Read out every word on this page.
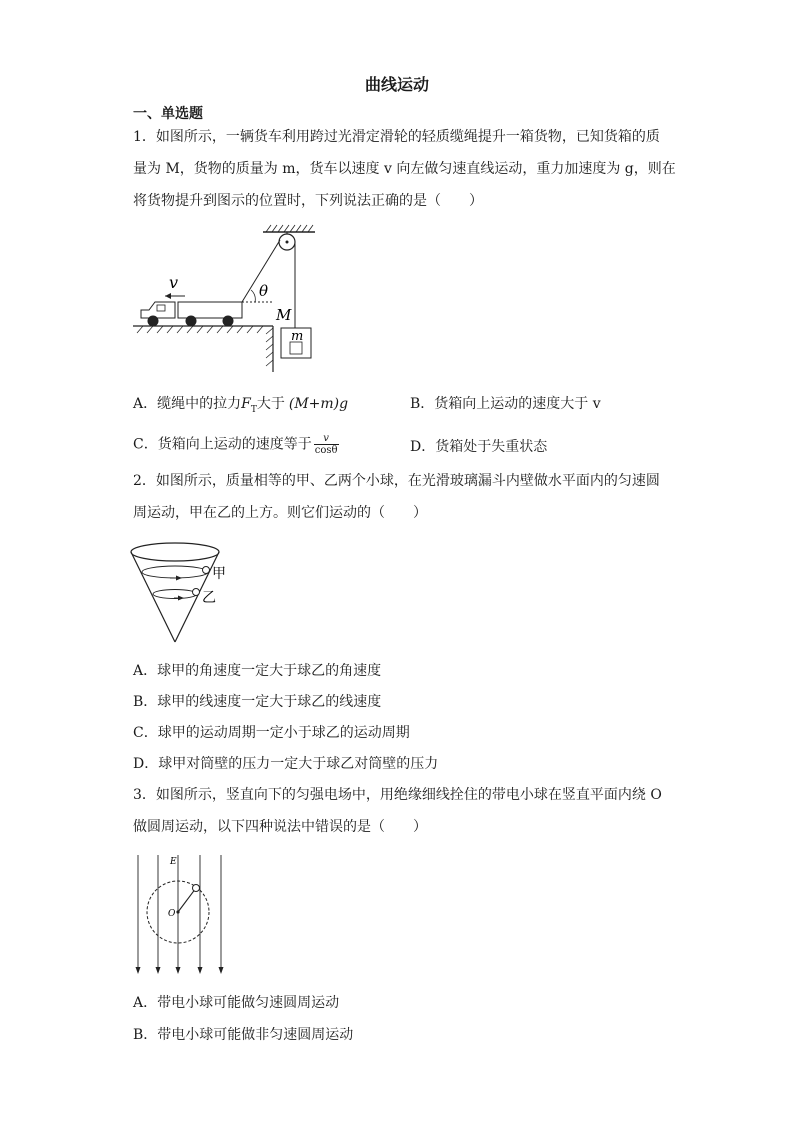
曲线运动
一、单选题
1．如图所示，一辆货车利用跨过光滑定滑轮的轻质缆绳提升一箱货物，已知货箱的质
量为 M，货物的质量为 m，货车以速度 v 向左做匀速直线运动，重力加速度为 g，则在
将货物提升到图示的位置时，下列说法正确的是（　　）
θ
v
m
M
A．缆绳中的拉力$F_T$大于 (M+m)g	B．货箱向上运动的速度大于 v
C．货箱向上运动的速度等于 $\frac{v}{\cos\theta}$	D．货箱处于失重状态
2．如图所示，质量相等的甲、乙两个小球，在光滑玻璃漏斗内壁做水平面内的匀速圆
周运动，甲在乙的上方。则它们运动的（　　）
甲
乙
A．球甲的角速度一定大于球乙的角速度
B．球甲的线速度一定大于球乙的线速度
C．球甲的运动周期一定小于球乙的运动周期
D．球甲对筒壁的压力一定大于球乙对筒壁的压力
3．如图所示，竖直向下的匀强电场中，用绝缘细线拴住的带电小球在竖直平面内绕 O
做圆周运动，以下四种说法中错误的是（　　）
E
O
A．带电小球可能做匀速圆周运动
B．带电小球可能做非匀速圆周运动
